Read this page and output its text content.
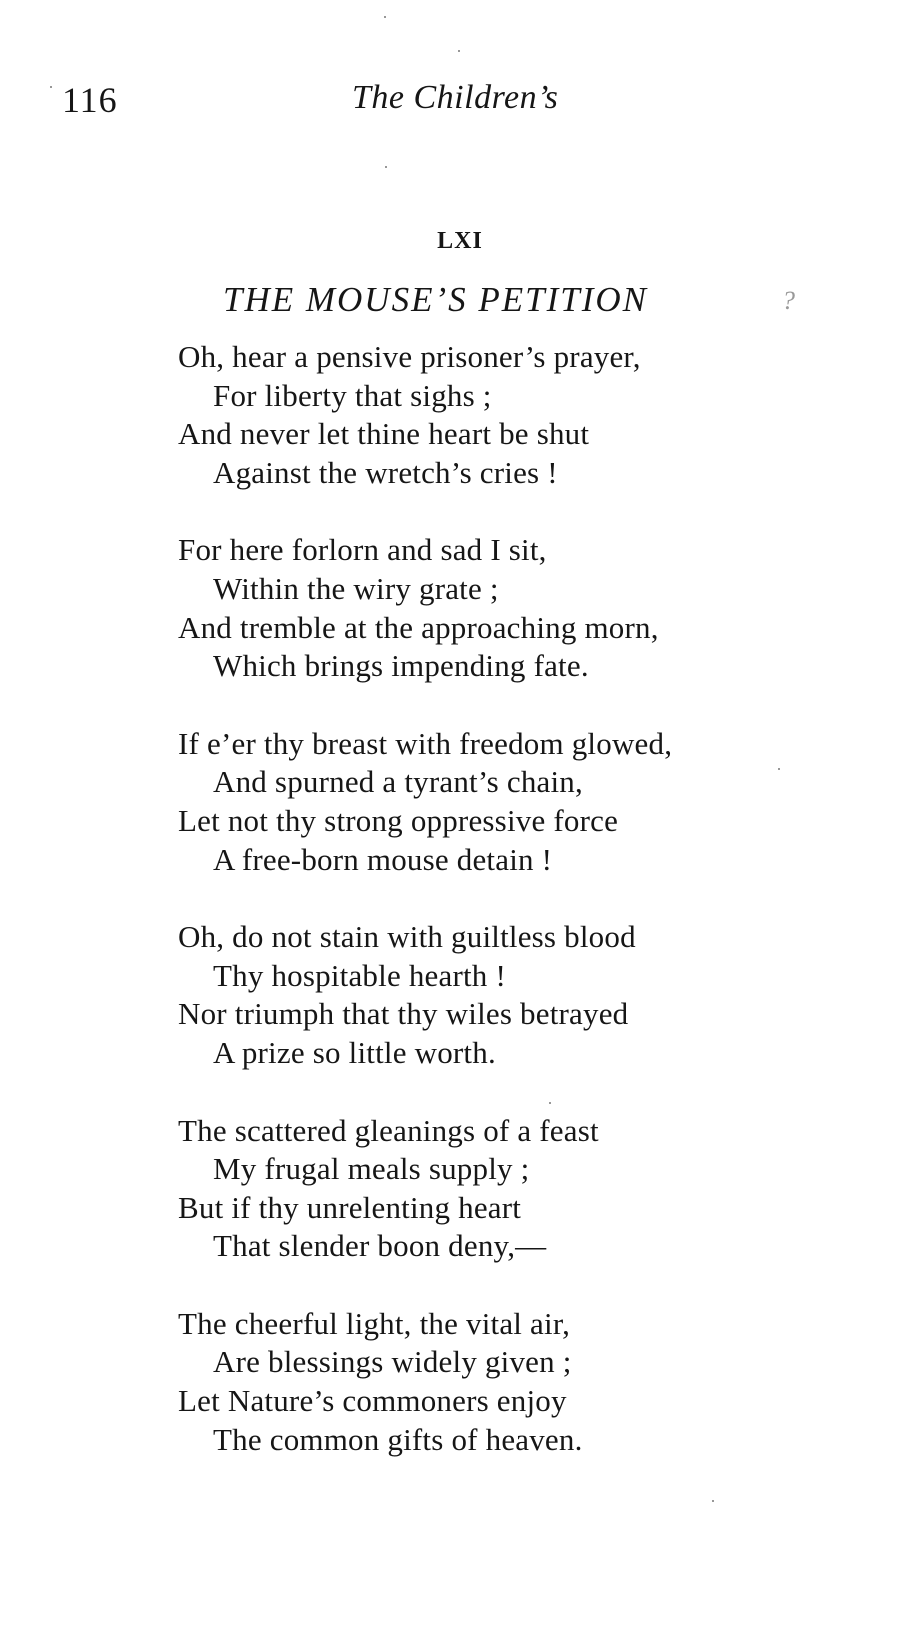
116	The Children’s
LXI
THE MOUSE’S PETITION	?
Oh, hear a pensive prisoner’s prayer,
For liberty that sighs ;
And never let thine heart be shut
Against the wretch’s cries !
For here forlorn and sad I sit,
Within the wiry grate ;
And tremble at the approaching morn,
Which brings impending fate.
If e’er thy breast with freedom glowed,
And spurned a tyrant’s chain,
Let not thy strong oppressive force
A free-born mouse detain !
Oh, do not stain with guiltless blood
Thy hospitable hearth !
Nor triumph that thy wiles betrayed
A prize so little worth.
The scattered gleanings of a feast
My frugal meals supply ;
But if thy unrelenting heart
That slender boon deny,—
The cheerful light, the vital air,
Are blessings widely given ;
Let Nature’s commoners enjoy
The common gifts of heaven.
